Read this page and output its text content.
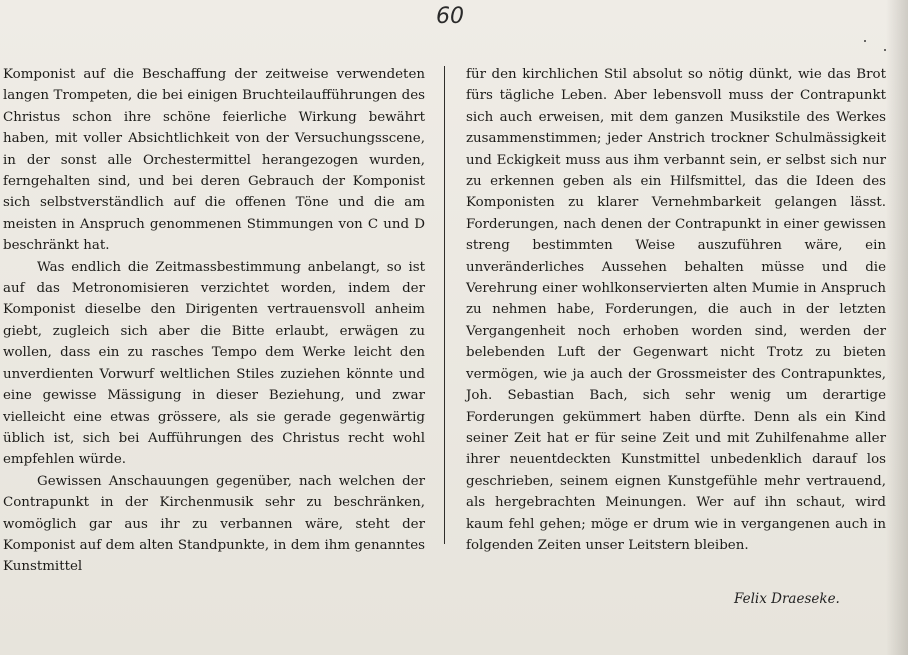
60

Komponist auf die Beschaffung der zeitweise verwendeten langen Trompeten, die bei einigen Bruchteilaufführungen des Christus schon ihre schöne feierliche Wirkung bewährt haben, mit voller Absichtlichkeit von der Versuchungsscene, in der sonst alle Orchestermittel herangezogen wurden, ferngehalten sind, und bei deren Gebrauch der Komponist sich selbstverständlich auf die offenen Töne und die am meisten in Anspruch genommenen Stimmungen von C und D beschränkt hat.

Was endlich die Zeitmassbestimmung anbelangt, so ist auf das Metronomisieren verzichtet worden, indem der Komponist dieselbe den Dirigenten vertrauensvoll anheim giebt, zugleich sich aber die Bitte erlaubt, erwägen zu wollen, dass ein zu rasches Tempo dem Werke leicht den unverdienten Vorwurf weltlichen Stiles zuziehen könnte und eine gewisse Mässigung in dieser Beziehung, und zwar vielleicht eine etwas grössere, als sie gerade gegenwärtig üblich ist, sich bei Aufführungen des Christus recht wohl empfehlen würde.

Gewissen Anschauungen gegenüber, nach welchen der Contrapunkt in der Kirchenmusik sehr zu beschränken, womöglich gar aus ihr zu verbannen wäre, steht der Komponist auf dem alten Standpunkte, in dem ihm genanntes Kunstmittel

für den kirchlichen Stil absolut so nötig dünkt, wie das Brot fürs tägliche Leben. Aber lebensvoll muss der Contrapunkt sich auch erweisen, mit dem ganzen Musikstile des Werkes zusammenstimmen; jeder Anstrich trockner Schulmässigkeit und Eckigkeit muss aus ihm verbannt sein, er selbst sich nur zu erkennen geben als ein Hilfsmittel, das die Ideen des Komponisten zu klarer Vernehmbarkeit gelangen lässt. Forderungen, nach denen der Contrapunkt in einer gewissen streng bestimmten Weise auszuführen wäre, ein unveränderliches Aussehen behalten müsse und die Verehrung einer wohlkonservierten alten Mumie in Anspruch zu nehmen habe, Forderungen, die auch in der letzten Vergangenheit noch erhoben worden sind, werden der belebenden Luft der Gegenwart nicht Trotz zu bieten vermögen, wie ja auch der Grossmeister des Contrapunktes, Joh. Sebastian Bach, sich sehr wenig um derartige Forderungen gekümmert haben dürfte. Denn als ein Kind seiner Zeit hat er für seine Zeit und mit Zuhilfenahme aller ihrer neuentdeckten Kunstmittel unbedenklich darauf los geschrieben, seinem eignen Kunstgefühle mehr vertrauend, als hergebrachten Meinungen. Wer auf ihn schaut, wird kaum fehl gehen; möge er drum wie in vergangenen auch in folgenden Zeiten unser Leitstern bleiben.

Felix Draeseke.
